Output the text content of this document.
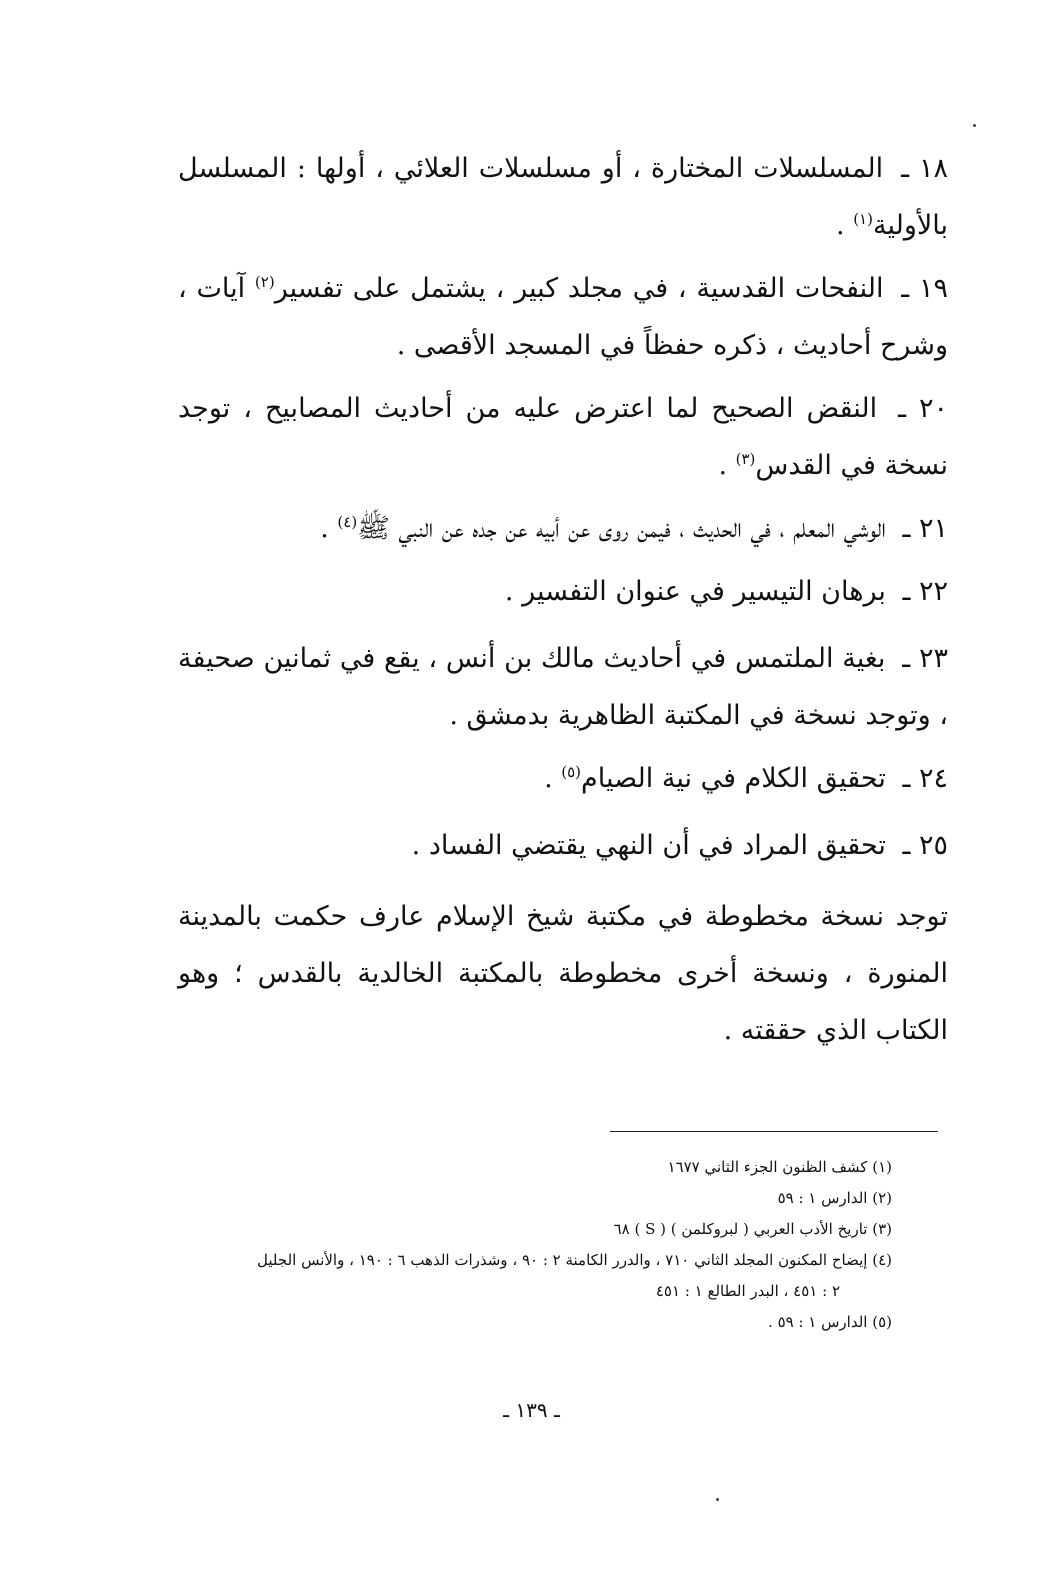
١٨ ـ المسلسلات المختارة ، أو مسلسلات العلائي ، أولها : المسلسل بالأولية$^{(١)}$ .
١٩ ـ النفحات القدسية ، في مجلد كبير ، يشتمل على تفسير$^{(٢)}$ آيات ، وشرح أحاديث ، ذكره حفظاً في المسجد الأقصى .
٢٠ ـ النقض الصحيح لما اعترض عليه من أحاديث المصابيح ، توجد نسخة في القدس$^{(٣)}$ .
٢١ ـ الوشي المعلم ، في الحديث ، فيمن روى عن أبيه عن جده عن النبي ﷺ$^{(٤)}$ .
٢٢ ـ برهان التيسير في عنوان التفسير .
٢٣ ـ بغية الملتمس في أحاديث مالك بن أنس ، يقع في ثمانين صحيفة ، وتوجد نسخة في المكتبة الظاهرية بدمشق .
٢٤ ـ تحقيق الكلام في نية الصيام$^{(٥)}$ .
٢٥ ـ تحقيق المراد في أن النهي يقتضي الفساد .
توجد نسخة مخطوطة في مكتبة شيخ الإسلام عارف حكمت بالمدينة المنورة ، ونسخة أخرى مخطوطة بالمكتبة الخالدية بالقدس ؛ وهو الكتاب الذي حققته .
(١) كشف الظنون الجزء الثاني ١٦٧٧
(٢) الدارس ١ : ٥٩
(٣) تاريخ الأدب العربي ( لبروكلمن ) ( S ) ٦٨
(٤) إيضاح المكنون المجلد الثاني ٧١٠ ، والدرر الكامنة ٢ : ٩٠ ، وشذرات الذهب ٦ : ١٩٠ ، والأنس الجليل
٢ : ٤٥١ ، البدر الطالع ١ : ٤٥١
(٥) الدارس ١ : ٥٩ .
ـ ١٣٩ ـ
